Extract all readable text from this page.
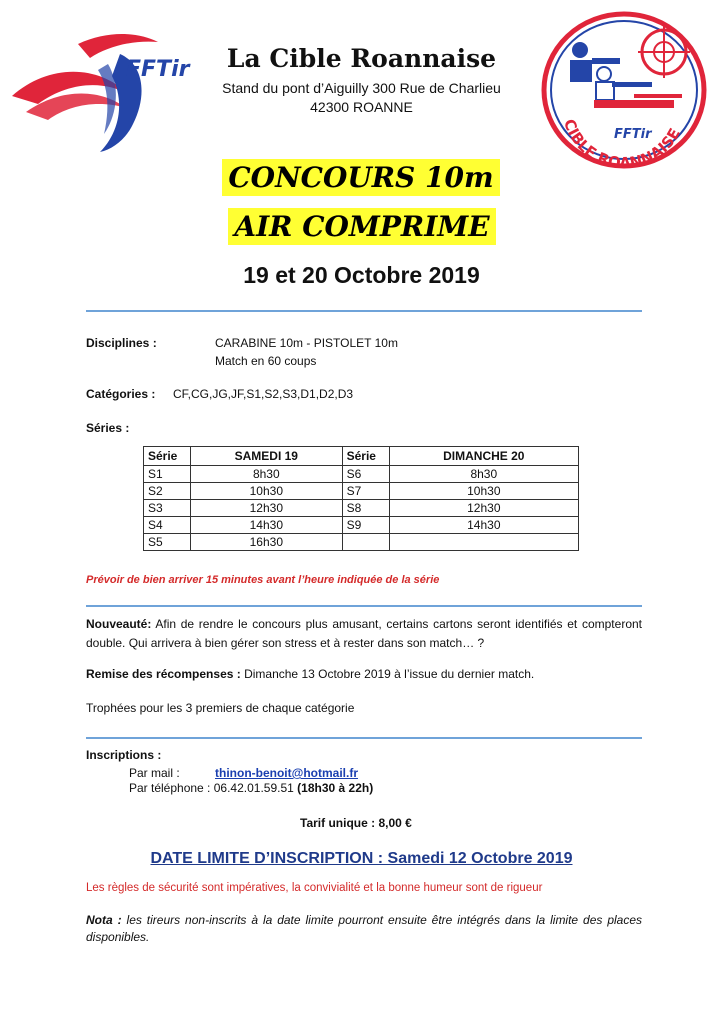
FFTir
CIBLE ROANNAISE
FFTir
La Cible Roannaise
Stand du pont d’Aiguilly 300 Rue de Charlieu
42300 ROANNE
CONCOURS 10m
AIR COMPRIME
19 et 20 Octobre 2019
Disciplines :	CARABINE 10m - PISTOLET 10m
Match en 60 coups
Catégories : CF,CG,JG,JF,S1,S2,S3,D1,D2,D3
Séries :
Série	SAMEDI 19	Série	DIMANCHE 20
S1	8h30	S6	8h30
S2	10h30	S7	10h30
S3	12h30	S8	12h30
S4	14h30	S9	14h30
S5	16h30		
Prévoir de bien arriver 15 minutes avant l’heure indiquée de la série
Nouveauté: Afin de rendre le concours plus amusant, certains cartons seront identifiés et compteront double. Qui arrivera à bien gérer son stress et à rester dans son match… ?
Remise des récompenses : Dimanche 13 Octobre 2019 à l’issue du dernier match.
Trophées pour les 3 premiers de chaque catégorie
Inscriptions :
Par mail :	thinon-benoit@hotmail.fr
Par téléphone : 06.42.01.59.51 (18h30 à 22h)
Tarif unique : 8,00 €
DATE LIMITE D’INSCRIPTION : Samedi 12 Octobre 2019
Les règles de sécurité sont impératives, la convivialité et la bonne humeur sont de rigueur
Nota : les tireurs non-inscrits à la date limite pourront ensuite être intégrés dans la limite des places disponibles.
